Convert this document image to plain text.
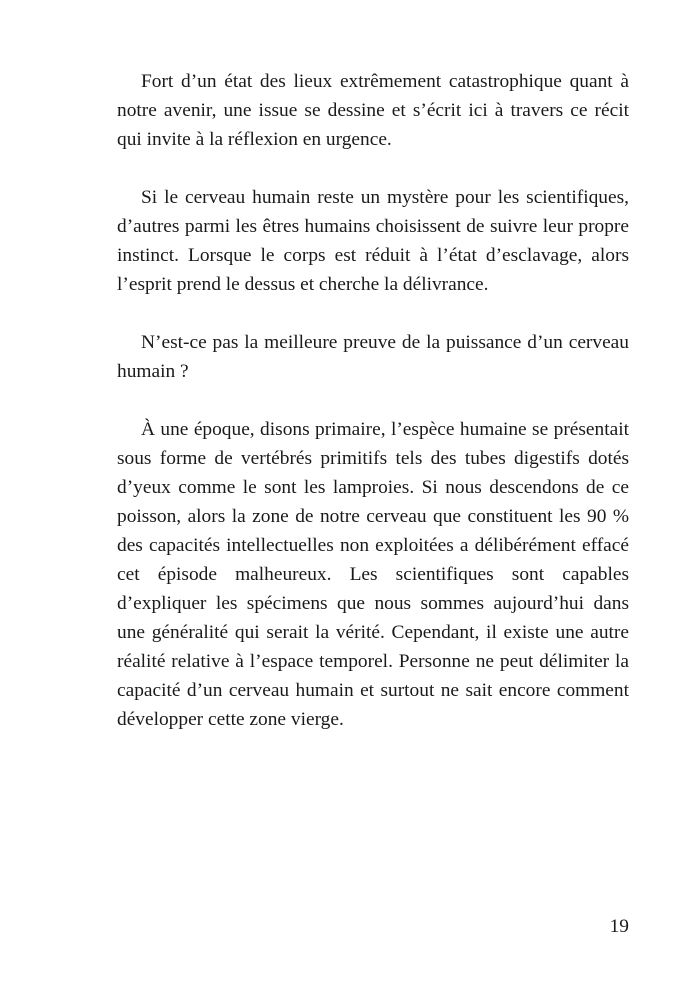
Fort d’un état des lieux extrêmement catastrophique quant à notre avenir, une issue se dessine et s’écrit ici à travers ce récit qui invite à la réflexion en urgence.

Si le cerveau humain reste un mystère pour les scientifiques, d’autres parmi les êtres humains choisissent de suivre leur propre instinct. Lorsque le corps est réduit à l’état d’esclavage, alors l’esprit prend le dessus et cherche la délivrance.

N’est-ce pas la meilleure preuve de la puissance d’un cerveau humain ?

À une époque, disons primaire, l’espèce humaine se présentait sous forme de vertébrés primitifs tels des tubes digestifs dotés d’yeux comme le sont les lamproies. Si nous descendons de ce poisson, alors la zone de notre cerveau que constituent les 90 % des capacités intellectuelles non exploitées a délibérément effacé cet épisode malheureux. Les scientifiques sont capables d’expliquer les spécimens que nous sommes aujourd’hui dans une généralité qui serait la vérité. Cependant, il existe une autre réalité relative à l’espace temporel. Personne ne peut délimiter la capacité d’un cerveau humain et surtout ne sait encore comment développer cette zone vierge.

19
